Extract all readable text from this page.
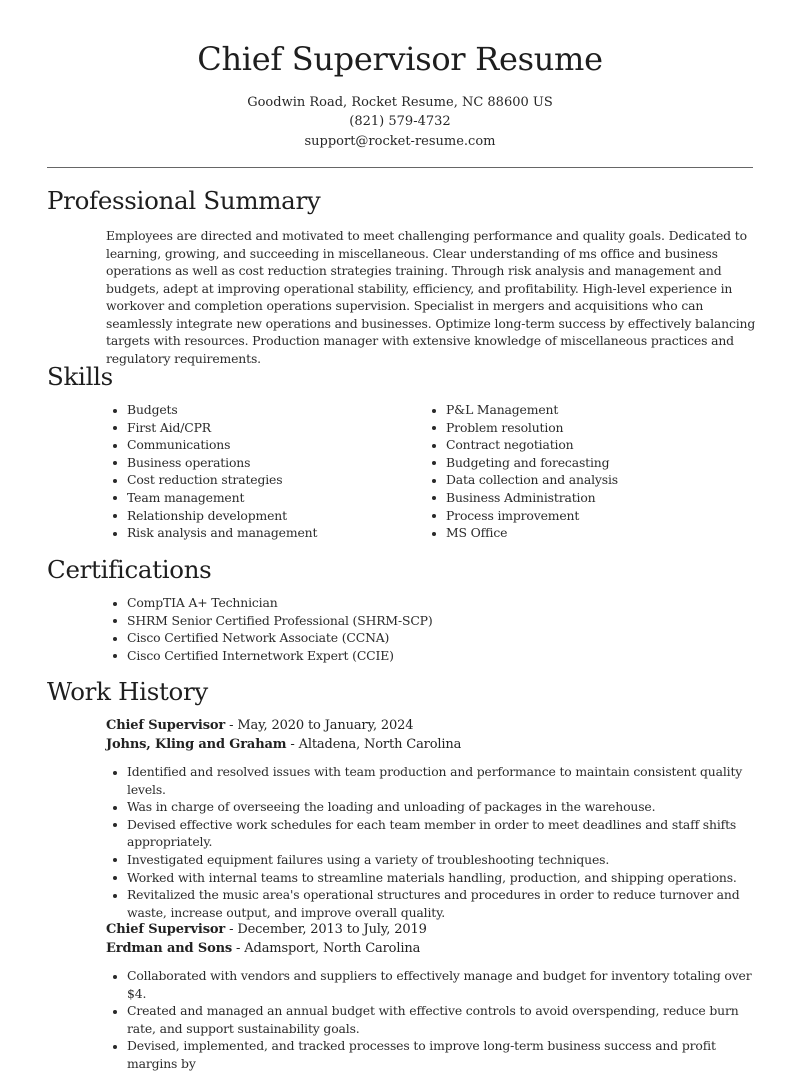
Chief Supervisor Resume
Goodwin Road, Rocket Resume, NC 88600 US
(821) 579-4732
support@rocket-resume.com
Professional Summary

Employees are directed and motivated to meet challenging performance and quality goals. Dedicated to learning, growing, and succeeding in miscellaneous. Clear understanding of ms office and business operations as well as cost reduction strategies training. Through risk analysis and management and budgets, adept at improving operational stability, efficiency, and profitability. High-level experience in workover and completion operations supervision. Specialist in mergers and acquisitions who can seamlessly integrate new operations and businesses. Optimize long-term success by effectively balancing targets with resources. Production manager with extensive knowledge of miscellaneous practices and regulatory requirements.

Skills
Budgets
First Aid/CPR
Communications
Business operations
Cost reduction strategies
Team management
Relationship development
Risk analysis and management
P&L Management
Problem resolution
Contract negotiation
Budgeting and forecasting
Data collection and analysis
Business Administration
Process improvement
MS Office
Certifications
CompTIA A+ Technician
SHRM Senior Certified Professional (SHRM-SCP)
Cisco Certified Network Associate (CCNA)
Cisco Certified Internetwork Expert (CCIE)
Work History
Chief Supervisor - May, 2020 to January, 2024
Johns, Kling and Graham - Altadena, North Carolina
Identified and resolved issues with team production and performance to maintain consistent quality levels.
Was in charge of overseeing the loading and unloading of packages in the warehouse.
Devised effective work schedules for each team member in order to meet deadlines and staff shifts appropriately.
Investigated equipment failures using a variety of troubleshooting techniques.
Worked with internal teams to streamline materials handling, production, and shipping operations.
Revitalized the music area's operational structures and procedures in order to reduce turnover and waste, increase output, and improve overall quality.
Chief Supervisor - December, 2013 to July, 2019
Erdman and Sons - Adamsport, North Carolina
Collaborated with vendors and suppliers to effectively manage and budget for inventory totaling over $4.
Created and managed an annual budget with effective controls to avoid overspending, reduce burn rate, and support sustainability goals.
Devised, implemented, and tracked processes to improve long-term business success and profit margins by
